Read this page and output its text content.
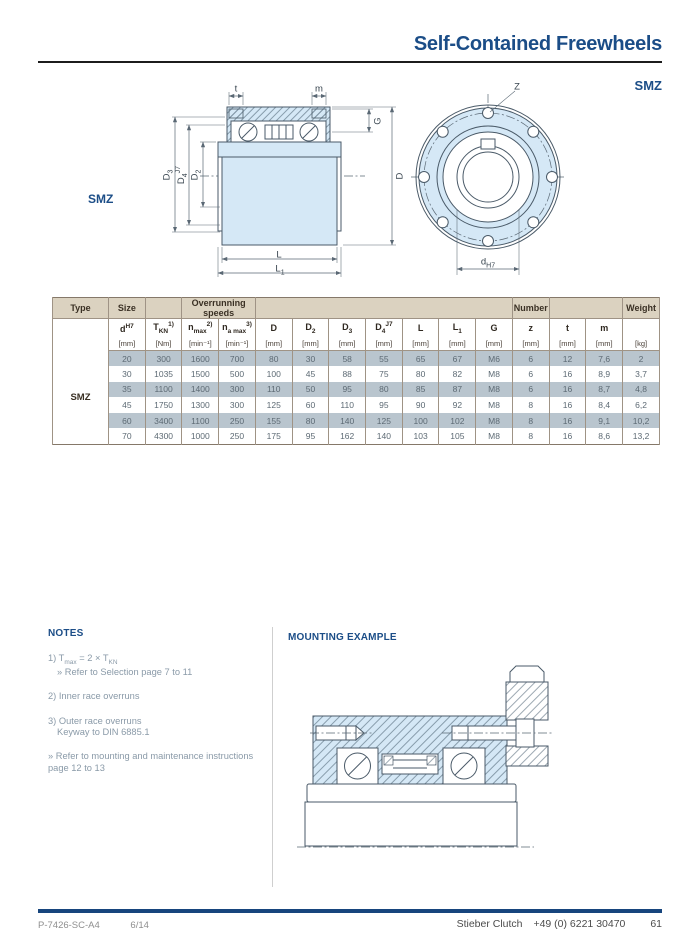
Self-Contained Freewheels
SMZ
SMZ
t	m
G
D
$D_3$
$D_4^{J7}$
$D_2$
L
$L_1$
Z
$d_{H7}$
Type	Size		Overrunning speeds									Number			Weight
	$d^{H7}$	$T_{KN}^{1)}$	$n_{max}^{2)}$	$n_{a max}^{3)}$	D	$D_2$	$D_3$	$D_4^{J7}$	L	$L_1$	G	z	t	m	
	[mm]	[Nm]	[min⁻¹]	[min⁻¹]	[mm]	[mm]	[mm]	[mm]	[mm]	[mm]	[mm]	[mm]	[mm]	[mm]	[kg]
SMZ	20	300	1600	700	80	30	58	55	65	67	M6	6	12	7,6	2
	30	1035	1500	500	100	45	88	75	80	82	M8	6	16	8,9	3,7
	35	1100	1400	300	110	50	95	80	85	87	M8	6	16	8,7	4,8
	45	1750	1300	300	125	60	110	95	90	92	M8	8	16	8,4	6,2
	60	3400	1100	250	155	80	140	125	100	102	M8	8	16	9,1	10,2
	70	4300	1000	250	175	95	162	140	103	105	M8	8	16	8,6	13,2
NOTES

1) $T_{max} = 2 \times T_{KN}$
» Refer to Selection page 7 to 11

2) Inner race overruns

3) Outer race overruns
Keyway to DIN 6885.1

» Refer to mounting and maintenance instructions
page 12 to 13

MOUNTING EXAMPLE
P-7426-SC-A4	6/14	Stieber Clutch +49 (0) 6221 30470 61
